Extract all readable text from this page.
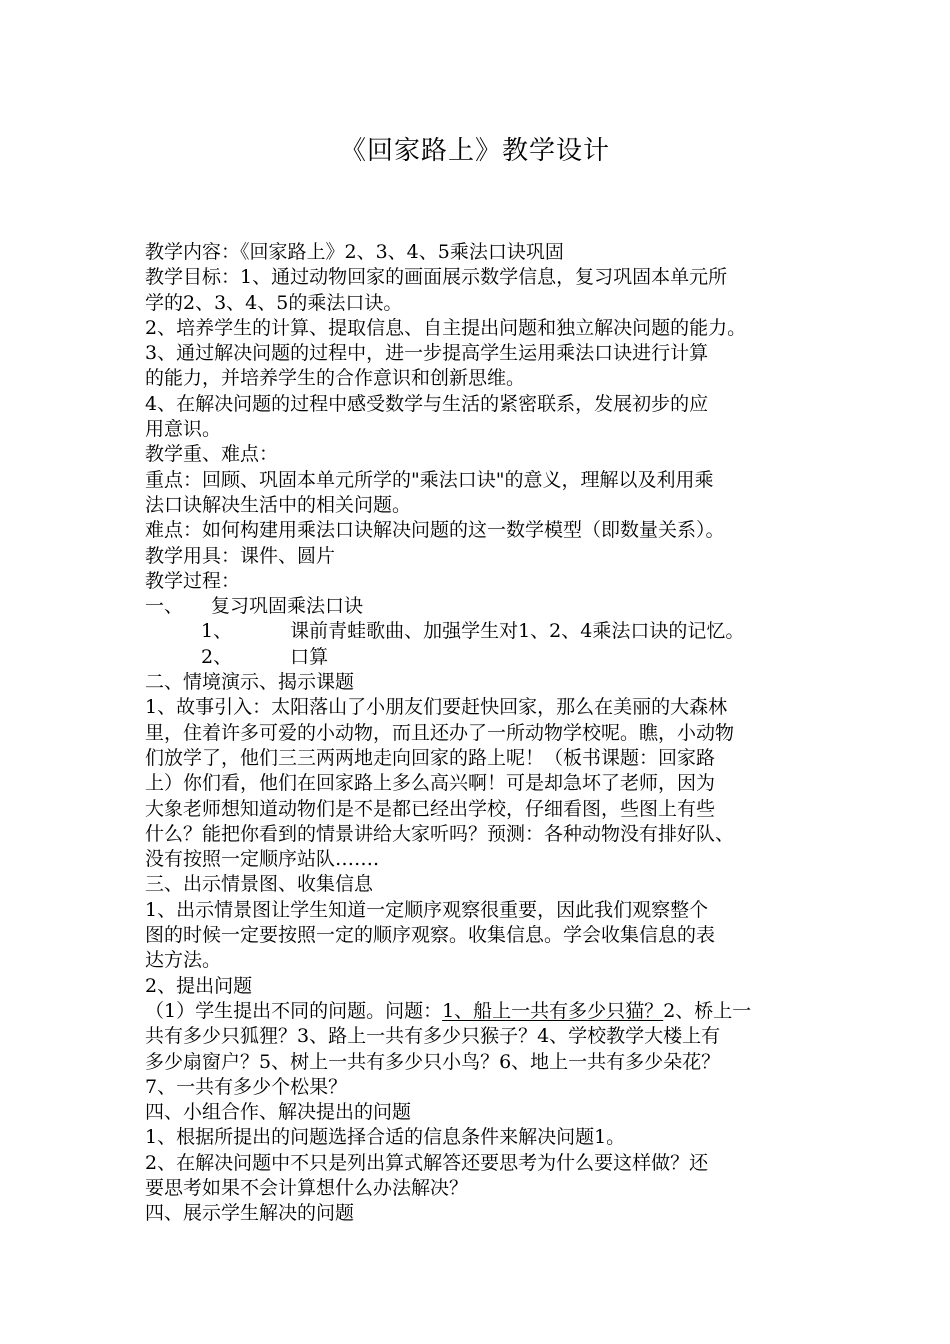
《回家路上》教学设计
教学内容：《回家路上》2、3、4、5乘法口诀巩固
教学目标：1、通过动物回家的画面展示数学信息，复习巩固本单元所
学的2、3、4、5的乘法口诀。
2、培养学生的计算、提取信息、自主提出问题和独立解决问题的能力。
3、通过解决问题的过程中，进一步提高学生运用乘法口诀进行计算
的能力，并培养学生的合作意识和创新思维。
4、在解决问题的过程中感受数学与生活的紧密联系，发展初步的应
用意识。
教学重、难点：
重点：回顾、巩固本单元所学的"乘法口诀"的意义，理解以及利用乘
法口诀解决生活中的相关问题。
难点：如何构建用乘法口诀解决问题的这一数学模型（即数量关系）。
教学用具：课件、圆片
教学过程：
一、 复习巩固乘法口诀
1、	课前青蛙歌曲、加强学生对1、2、4乘法口诀的记忆。
2、	口算
二、情境演示、揭示课题
1、故事引入：太阳落山了小朋友们要赶快回家，那么在美丽的大森林
里，住着许多可爱的小动物，而且还办了一所动物学校呢。瞧，小动物
们放学了，他们三三两两地走向回家的路上呢！（板书课题：回家路
上）你们看，他们在回家路上多么高兴啊！可是却急坏了老师，因为
大象老师想知道动物们是不是都已经出学校，仔细看图，些图上有些
什么？能把你看到的情景讲给大家听吗？预测：各种动物没有排好队、
没有按照一定顺序站队…….
三、出示情景图、收集信息
1、出示情景图让学生知道一定顺序观察很重要，因此我们观察整个
图的时候一定要按照一定的顺序观察。收集信息。学会收集信息的表
达方法。
2、提出问题
（1）学生提出不同的问题。问题：1、船上一共有多少只猫？2、桥上一
共有多少只狐狸？3、路上一共有多少只猴子？4、学校教学大楼上有
多少扇窗户？5、树上一共有多少只小鸟？6、地上一共有多少朵花？
7、一共有多少个松果？
四、小组合作、解决提出的问题
1、根据所提出的问题选择合适的信息条件来解决问题1。
2、在解决问题中不只是列出算式解答还要思考为什么要这样做？还
要思考如果不会计算想什么办法解决？
四、展示学生解决的问题
